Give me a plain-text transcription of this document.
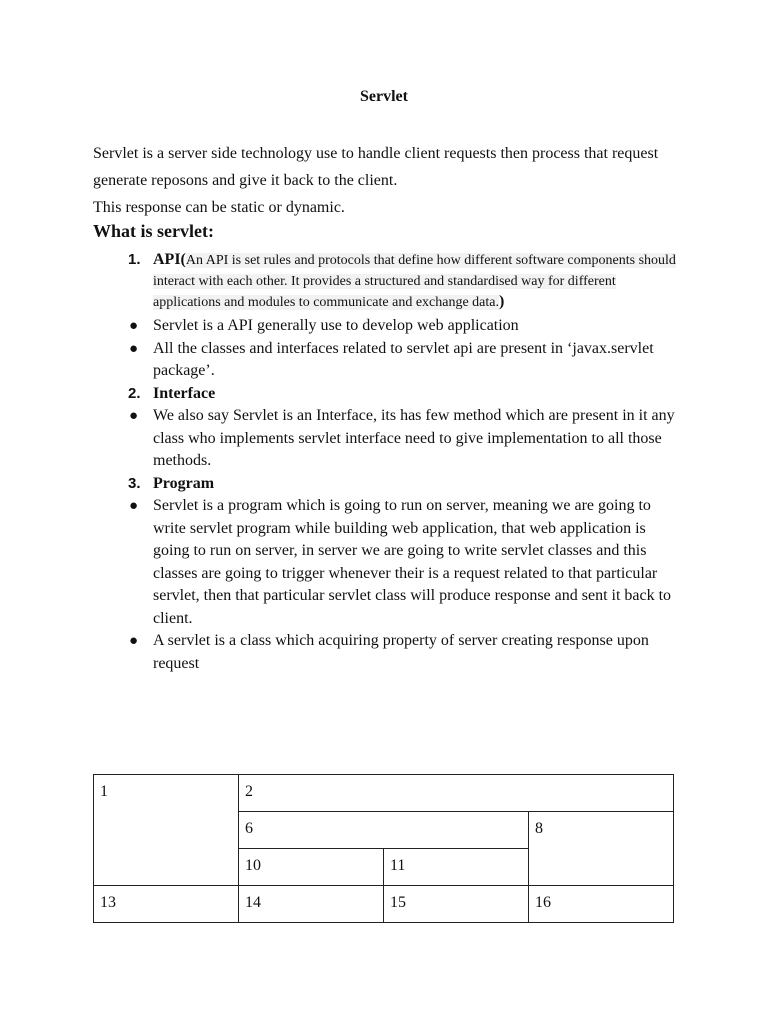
Servlet
Servlet is a server side technology use to handle client requests then process that request generate reposons and give it back to the client.
This response can be static or dynamic.
What is servlet:
1. API(An API is set rules and protocols that define how different software components should interact with each other. It provides a structured and standardised way for different applications and modules to communicate and exchange data.)
● Servlet is a API generally use to develop web application
● All the classes and interfaces related to servlet api are present in ‘javax.servlet package’.
2. Interface
● We also say Servlet is an Interface, its has few method which are present in it any class who implements servlet interface need to give implementation to all those methods.
3. Program
● Servlet is a program which is going to run on server, meaning we are going to write servlet program while building web application, that web application is going to run on server, in server we are going to write servlet classes and this classes are going to trigger whenever their is a request related to that particular servlet, then that particular servlet class will produce response and sent it back to client.
● A servlet is a class which acquiring property of server creating response upon request
1	2		
	6		8
	10	11	
13	14	15	16
